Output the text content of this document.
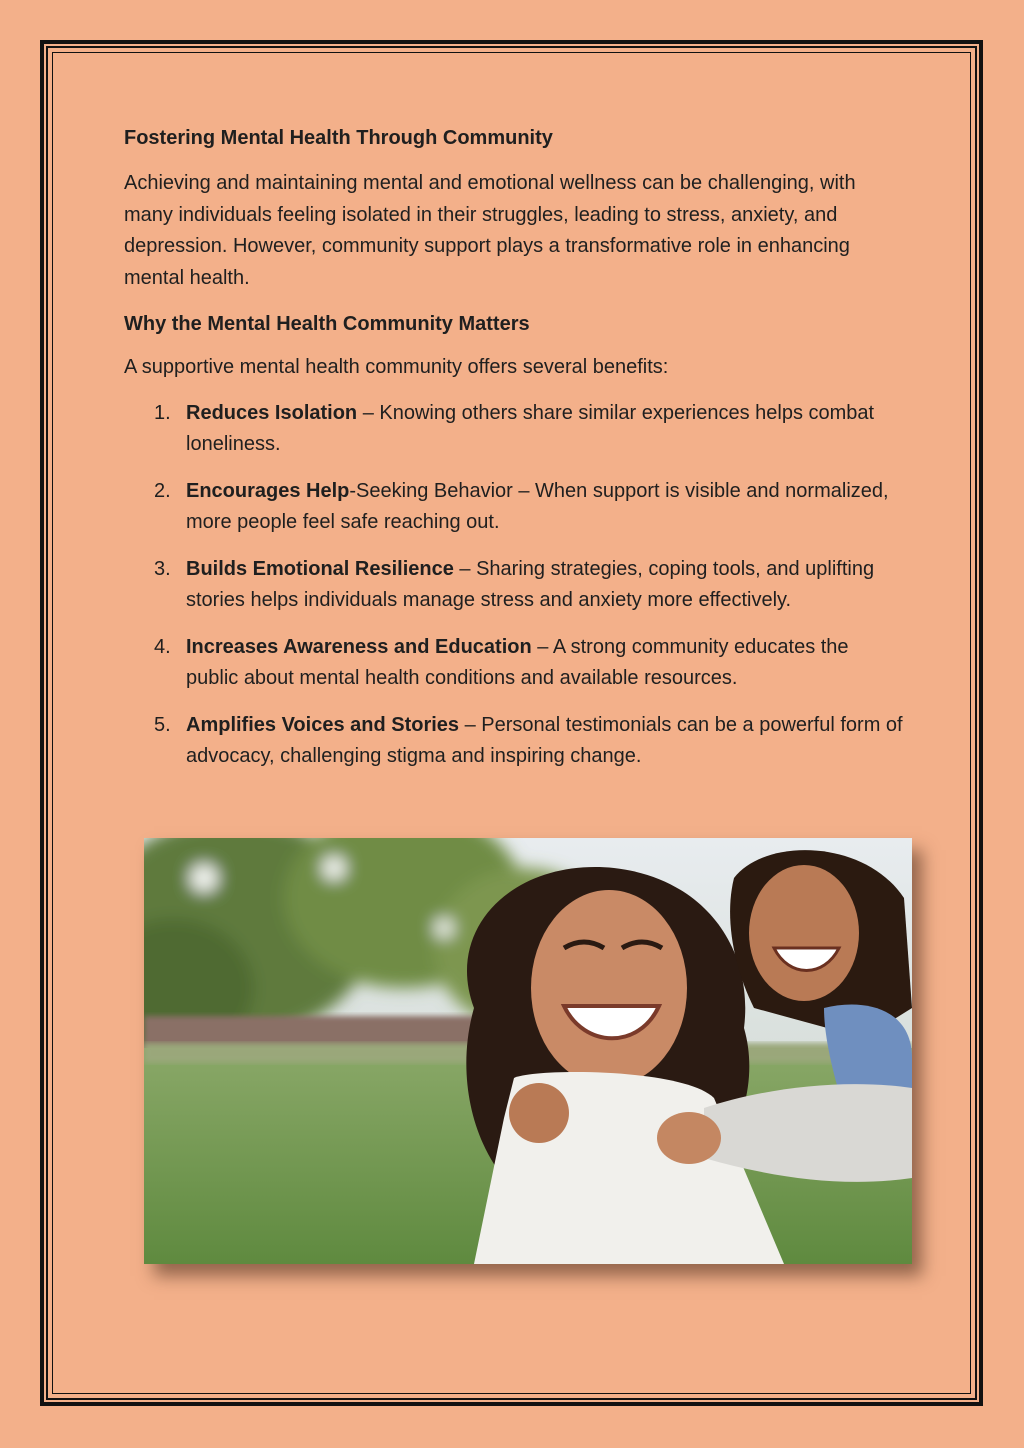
Fostering Mental Health Through Community

Achieving and maintaining mental and emotional wellness can be challenging, with many individuals feeling isolated in their struggles, leading to stress, anxiety, and depression. However, community support plays a transformative role in enhancing mental health.

Why the Mental Health Community Matters

A supportive mental health community offers several benefits:

1. Reduces Isolation – Knowing others share similar experiences helps combat loneliness.
2. Encourages Help-Seeking Behavior – When support is visible and normalized, more people feel safe reaching out.
3. Builds Emotional Resilience – Sharing strategies, coping tools, and uplifting stories helps individuals manage stress and anxiety more effectively.
4. Increases Awareness and Education – A strong community educates the public about mental health conditions and available resources.
5. Amplifies Voices and Stories – Personal testimonials can be a powerful form of advocacy, challenging stigma and inspiring change.
